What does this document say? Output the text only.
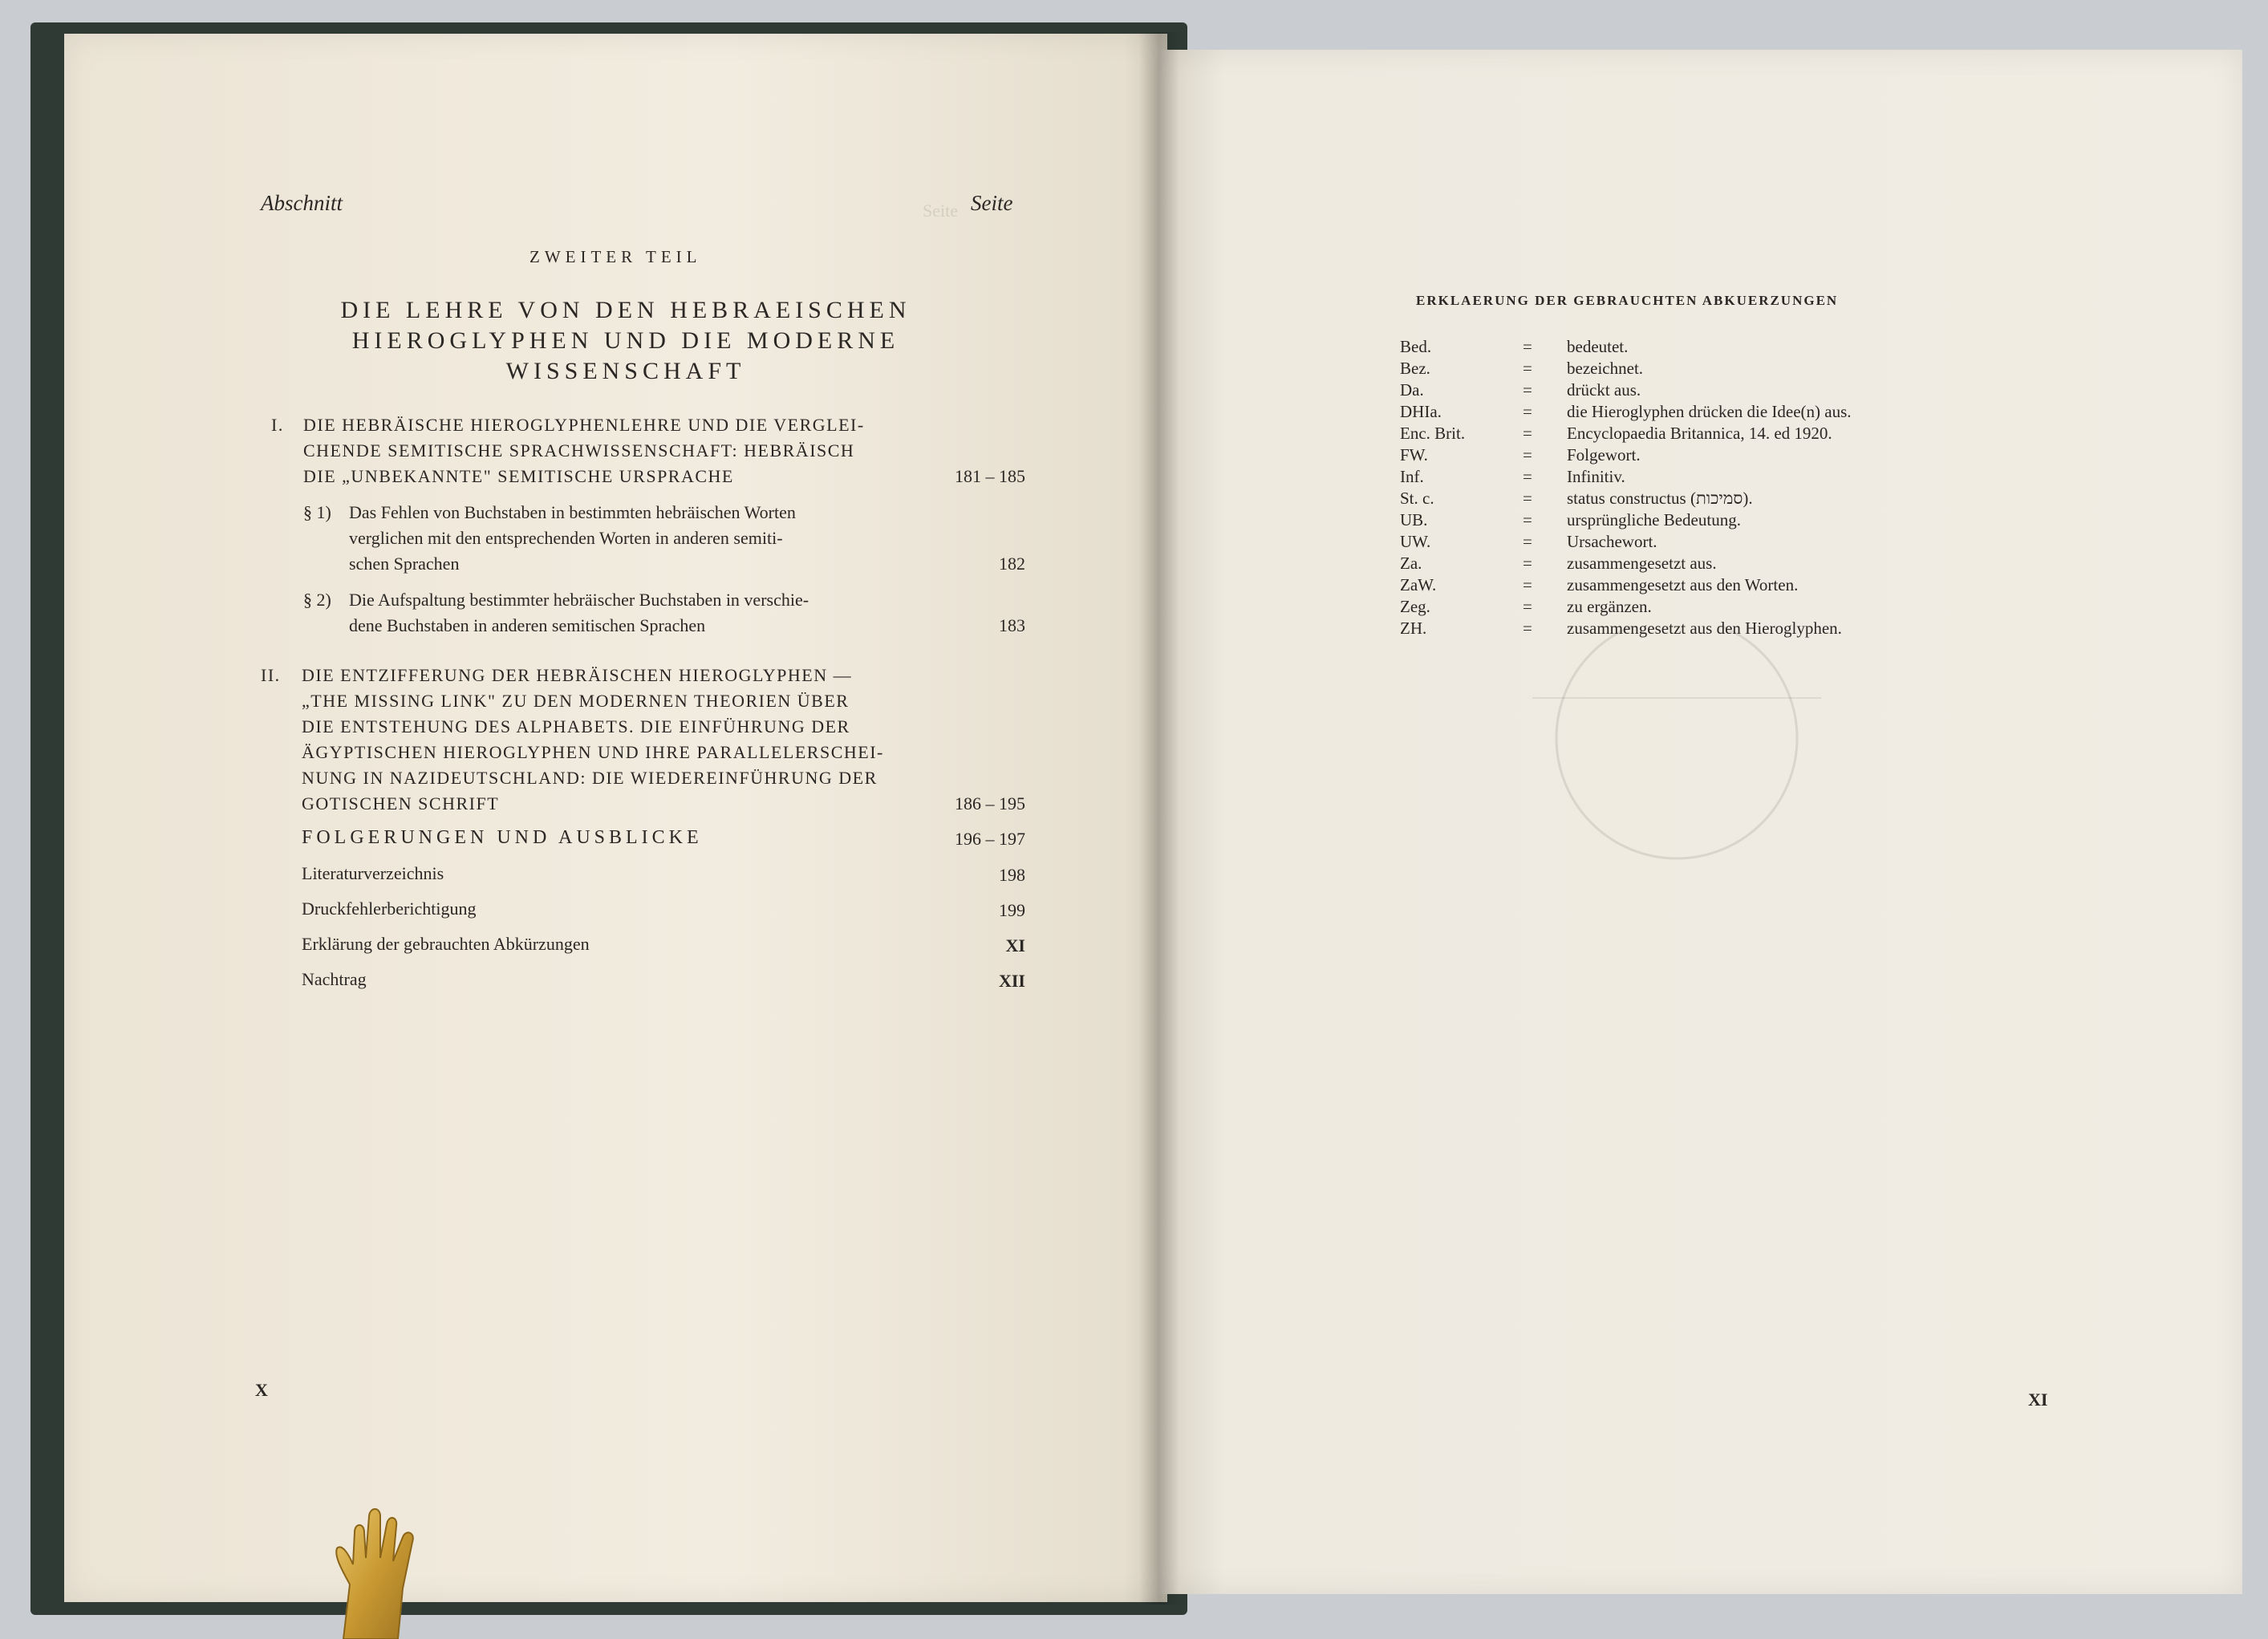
Seite
Abschnitt	Seite
ZWEITER TEIL
DIE LEHRE VON DEN HEBRAEISCHEN
HIEROGLYPHEN UND DIE MODERNE
WISSENSCHAFT
I. DIE HEBRÄISCHE HIEROGLYPHENLEHRE UND DIE VERGLEI-
CHENDE SEMITISCHE SPRACHWISSENSCHAFT: HEBRÄISCH
DIE „UNBEKANNTE" SEMITISCHE URSPRACHE	181 – 185
§ 1) Das Fehlen von Buchstaben in bestimmten hebräischen Worten
verglichen mit den entsprechenden Worten in anderen semiti-
schen Sprachen	182
§ 2) Die Aufspaltung bestimmter hebräischer Buchstaben in verschie-
dene Buchstaben in anderen semitischen Sprachen	183
II. DIE ENTZIFFERUNG DER HEBRÄISCHEN HIEROGLYPHEN —
„THE MISSING LINK" ZU DEN MODERNEN THEORIEN ÜBER
DIE ENTSTEHUNG DES ALPHABETS. DIE EINFÜHRUNG DER
ÄGYPTISCHEN HIEROGLYPHEN UND IHRE PARALLELERSCHEI-
NUNG IN NAZIDEUTSCHLAND: DIE WIEDEREINFÜHRUNG DER
GOTISCHEN SCHRIFT	186 – 195
FOLGERUNGEN UND AUSBLICKE	196 – 197
Literaturverzeichnis	198
Druckfehlerberichtigung	199
Erklärung der gebrauchten Abkürzungen	XI
Nachtrag	XII
X
ERKLAERUNG DER GEBRAUCHTEN ABKUERZUNGEN
Bed.	= bedeutet.
Bez.	= bezeichnet.
Da.	= drückt aus.
DHIa.	= die Hieroglyphen drücken die Idee(n) aus.
Enc. Brit.	= Encyclopaedia Britannica, 14. ed 1920.
FW.	= Folgewort.
Inf.	= Infinitiv.
St. c.	= status constructus (סמיכות).
UB.	= ursprüngliche Bedeutung.
UW.	= Ursachewort.
Za.	= zusammengesetzt aus.
ZaW.	= zusammengesetzt aus den Worten.
Zeg.	= zu ergänzen.
ZH.	= zusammengesetzt aus den Hieroglyphen.
XI
